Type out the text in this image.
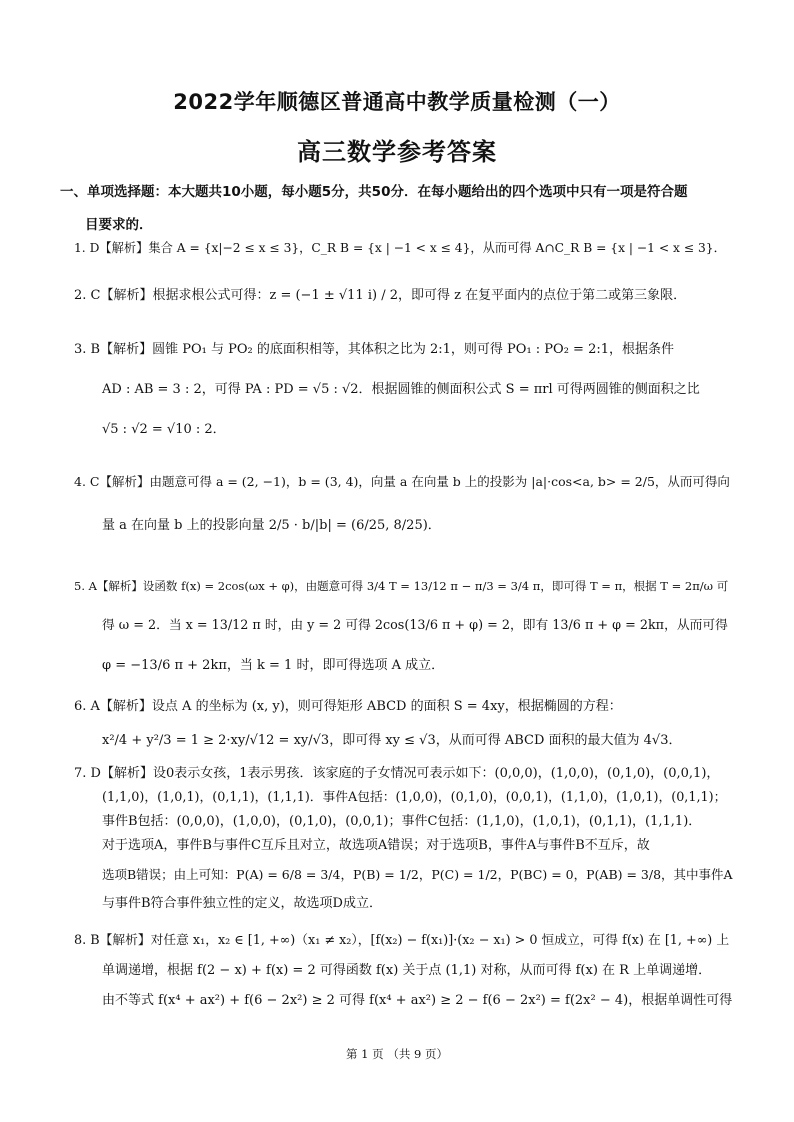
2022学年顺德区普通高中教学质量检测（一）
高三数学参考答案
一、单项选择题：本大题共10小题，每小题5分，共50分．在每小题给出的四个选项中只有一项是符合题
目要求的．
1. D【解析】集合 A = {x|−2 ≤ x ≤ 3}，C_R B = {x | −1 < x ≤ 4}，从而可得 A∩C_R B = {x | −1 < x ≤ 3}．
2. C【解析】根据求根公式可得：z = (−1 ± √11 i) / 2，即可得 z 在复平面内的点位于第二或第三象限．
3. B【解析】圆锥 PO₁ 与 PO₂ 的底面积相等，其体积之比为 2:1，则可得 PO₁ : PO₂ = 2:1，根据条件
AD : AB = 3 : 2，可得 PA : PD = √5 : √2．根据圆锥的侧面积公式 S = πrl 可得两圆锥的侧面积之比
√5 : √2 = √10 : 2．
4. C【解析】由题意可得 a = (2, −1)，b = (3, 4)，向量 a 在向量 b 上的投影为 |a|·cos<a, b> = 2/5，从而可得向
量 a 在向量 b 上的投影向量 2/5 · b/|b| = (6/25, 8/25)．
5. A【解析】设函数 f(x) = 2cos(ωx + φ)，由题意可得 3/4 T = 13/12 π − π/3 = 3/4 π，即可得 T = π，根据 T = 2π/ω 可
得 ω = 2．当 x = 13/12 π 时，由 y = 2 可得 2cos(13/6 π + φ) = 2，即有 13/6 π + φ = 2kπ，从而可得
φ = −13/6 π + 2kπ，当 k = 1 时，即可得选项 A 成立．
6. A【解析】设点 A 的坐标为 (x, y)，则可得矩形 ABCD 的面积 S = 4xy，根据椭圆的方程：
x²/4 + y²/3 = 1 ≥ 2·xy/√12 = xy/√3，即可得 xy ≤ √3，从而可得 ABCD 面积的最大值为 4√3．
7. D【解析】设0表示女孩，1表示男孩．该家庭的子女情况可表示如下：(0,0,0)，(1,0,0)，(0,1,0)，(0,0,1)，
(1,1,0)，(1,0,1)，(0,1,1)，(1,1,1)．事件A包括：(1,0,0)，(0,1,0)，(0,0,1)，(1,1,0)，(1,0,1)，(0,1,1)；
事件B包括：(0,0,0)，(1,0,0)，(0,1,0)，(0,0,1)；事件C包括：(1,1,0)，(1,0,1)，(0,1,1)，(1,1,1)．
对于选项A，事件B与事件C互斥且对立，故选项A错误；对于选项B，事件A与事件B不互斥，故
选项B错误；由上可知：P(A) = 6/8 = 3/4，P(B) = 1/2，P(C) = 1/2，P(BC) = 0，P(AB) = 3/8，其中事件A
与事件B符合事件独立性的定义，故选项D成立．
8. B【解析】对任意 x₁，x₂ ∈ [1, +∞)（x₁ ≠ x₂），[f(x₂) − f(x₁)]·(x₂ − x₁) > 0 恒成立，可得 f(x) 在 [1, +∞) 上
单调递增，根据 f(2 − x) + f(x) = 2 可得函数 f(x) 关于点 (1,1) 对称，从而可得 f(x) 在 R 上单调递增．
由不等式 f(x⁴ + ax²) + f(6 − 2x²) ≥ 2 可得 f(x⁴ + ax²) ≥ 2 − f(6 − 2x²) = f(2x² − 4)，根据单调性可得
第 1 页 （共 9 页）
